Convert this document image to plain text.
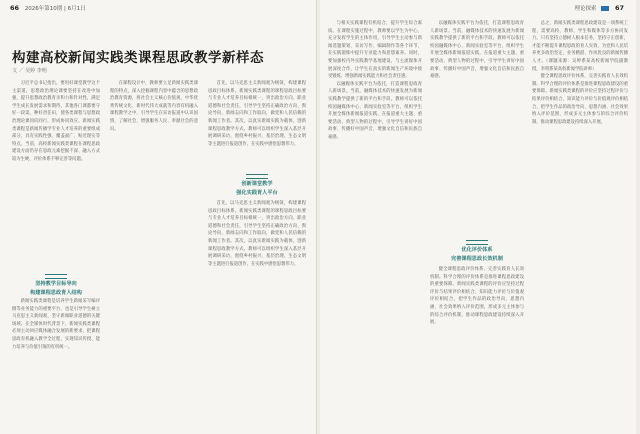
66 2026年第10期 | 6月1日
构建高校新闻实践类课程思政教学新样态
文 ／ 吴婷 李明

习近平总书记指出，要用好课堂教学这个主渠道，思想政治理论课要坚持在改进中加强，提升思想政治教育亲和力和针对性，满足学生成长发展需求和期待，其他各门课都要守好一段渠、种好责任田，使各类课程与思想政治理论课同向同行，形成协同效应。新闻实践类课程是新闻传播学专业人才培养的重要组成部分，具有实践性强、覆盖面广、贴近现实等特点。当前，高校新闻实践类课程在课程思政建设方面仍存在思政元素挖掘不深、融入方式较为生硬、评价体系不够完善等问题。

坚持教学目标导向
构建课程思政育人结构

新闻实践类课程是培养学生新闻采写编评摄等业务能力的重要平台，也是引导学生树立马克思主义新闻观、坚守新闻职业道德的关键场域。在全媒体时代背景下，新闻实践类课程必须主动回应媒体融合发展的新要求，把课程思政有机融入教学全过程，实现知识传授、能力培养与价值引领的有机统一。

在课程设计中，教师要立足新闻实践类课程的特点，深入挖掘课程内容中蕴含的思想政治教育资源，将社会主义核心价值观、中华优秀传统文化、新时代伟大成就等内容有机融入课程教学之中，引导学生在采访报道中认识国情、了解社会，增强服务人民、奉献社会的意识。

首先，以马克思主义新闻观为统领，构建课程思政目标体系。新闻实践类课程的课程思政目标要与专业人才培养目标相统一，突出政治方向、职业道德和社会责任，引导学生坚持正确政治方向、舆论导向、新闻志向和工作取向，做党和人民信赖的新闻工作者。其次，以真实新闻实践为载体，创新课程思政教学方式。教师可以组织学生深入基层开展调研采访，围绕乡村振兴、基层治理、生态文明等主题进行报道创作，在实践中感悟思想伟力。

创新课堂教学
强化实践育人平台

首先，以马克思主义新闻观为统领，构建课程思政目标体系。新闻实践类课程的课程思政目标要与专业人才培养目标相统一，突出政治方向、职业道德和社会责任，引导学生坚持正确政治方向、舆论导向、新闻志向和工作取向，做党和人民信赖的新闻工作者。其次，以真实新闻实践为载体，创新课程思政教学方式。教师可以组织学生深入基层开展调研采访，围绕乡村振兴、基层治理、生态文明等主题进行报道创作，在实践中感悟思想伟力。

理论探索	67

与相关实践课程有机结合，提升学生综合素质。在课程实施过程中，教师要以学生为中心，充分发挥学生的主体作用，引导学生主动参与新闻选题策划、采访写作、编辑制作等各个环节，在实践锻炼中提升专业能力和思想素养。同时，要加强校内外实践教学基地建设，与主流媒体开展深度合作，让学生在真实的新闻生产环境中接受锻炼，增强新闻实践能力和社会责任感。

以融媒体实践平台为依托，打造课程思政育人新场景。当前，融媒体技术的快速发展为新闻实践教学提供了新的平台和手段。教师可以依托校园融媒体中心、新闻实验室等平台，组织学生开展全媒体新闻报道实践，在报道重大主题、重要活动、典型人物的过程中，引导学生讲好中国故事、传播好中国声音，增强文化自信和民族自豪感。

以融媒体实践平台为依托，打造课程思政育人新场景。当前，融媒体技术的快速发展为新闻实践教学提供了新的平台和手段。教师可以依托校园融媒体中心、新闻实验室等平台，组织学生开展全媒体新闻报道实践，在报道重大主题、重要活动、典型人物的过程中，引导学生讲好中国故事、传播好中国声音，增强文化自信和民族自豪感。

优化评价体系
完善课程思政长效机制

健全课程思政评价体系，完善实践育人长效机制。科学合理的评价体系是推进课程思政建设的重要保障。新闻实践类课程的评价应坚持过程评价与结果评价相结合、知识能力评价与价值观评价相结合，把学生作品的政治导向、思想内涵、社会效果纳入评价范围，形成多元主体参与的综合评价机制，推动课程思政建设持续深入开展。

总之，新闻实践类课程思政建设是一项系统工程，需要高校、教师、学生和媒体等多方协同发力。只有坚持立德树人根本任务，坚持守正创新，才能不断提升课程思政的育人实效，为党和人民培养更多政治坚定、业务精湛、作风优良的新闻传播人才。（课题来源：吴婷系某高校新闻学院副教授，李明系某高校新闻学院讲师）

健全课程思政评价体系，完善实践育人长效机制。科学合理的评价体系是推进课程思政建设的重要保障。新闻实践类课程的评价应坚持过程评价与结果评价相结合、知识能力评价与价值观评价相结合，把学生作品的政治导向、思想内涵、社会效果纳入评价范围，形成多元主体参与的综合评价机制，推动课程思政建设持续深入开展。
